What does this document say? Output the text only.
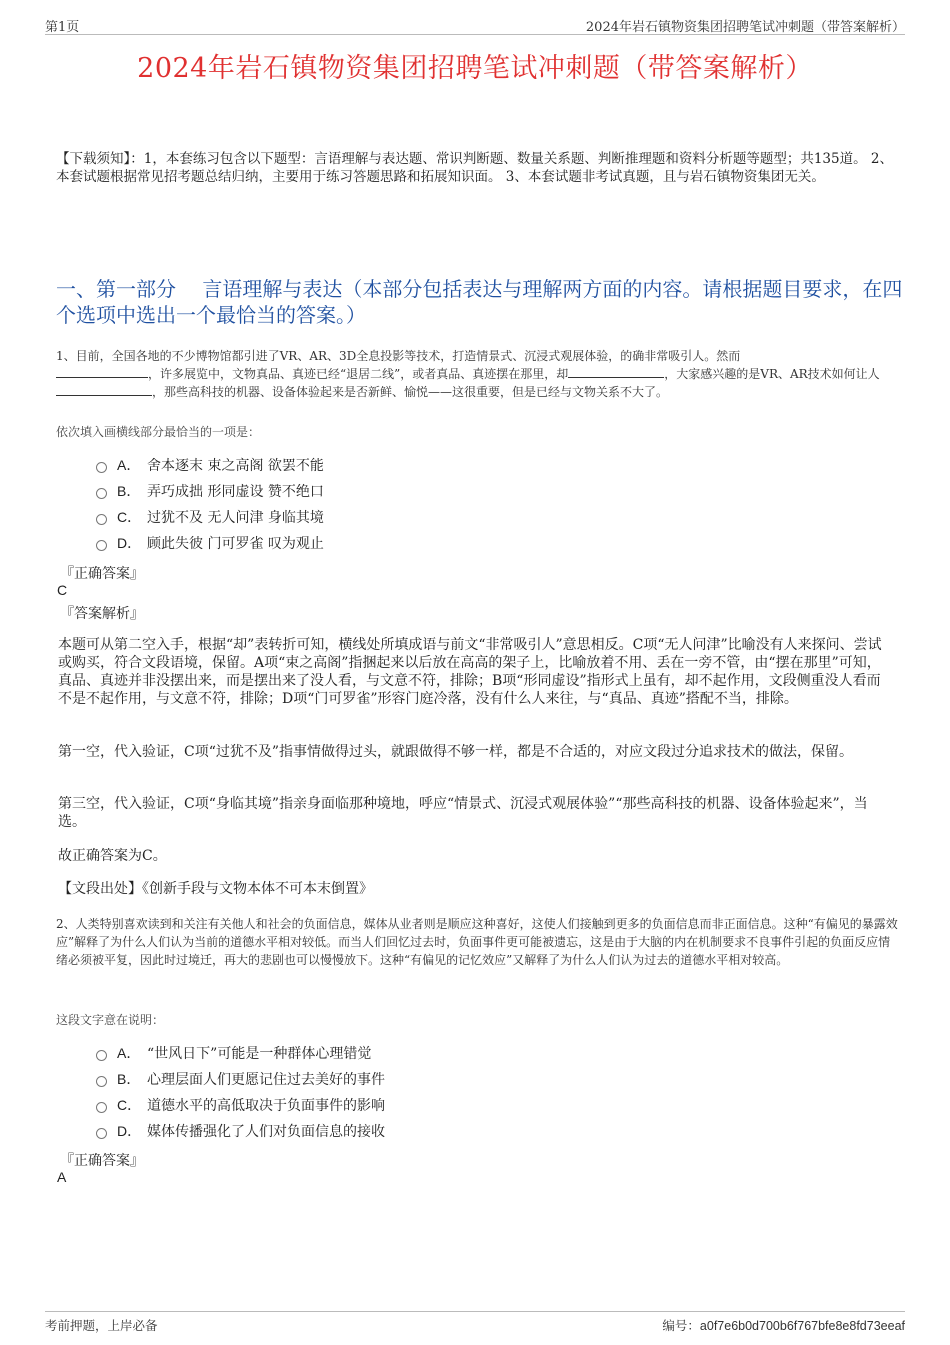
第1页	2024年岩石镇物资集团招聘笔试冲刺题（带答案解析）
2024年岩石镇物资集团招聘笔试冲刺题（带答案解析）
【下载须知】：1，本套练习包含以下题型：言语理解与表达题、常识判断题、数量关系题、判断推理题和资料分析题等题型；共135道。 2、本套试题根据常见招考题总结归纳，主要用于练习答题思路和拓展知识面。 3、本套试题非考试真题，且与岩石镇物资集团无关。
一、第一部分　 言语理解与表达（本部分包括表达与理解两方面的内容。请根据题目要求，在四个选项中选出一个最恰当的答案。）
1、目前，全国各地的不少博物馆都引进了VR、AR、3D全息投影等技术，打造情景式、沉浸式观展体验，的确非常吸引人。然而
，许多展览中，文物真品、真迹已经“退居二线”，或者真品、真迹摆在那里，却	，大家感兴趣的是VR、AR技术如何让人，那些高科技的机器、设备体验起来是否新鲜、愉悦——这很重要，但是已经与文物关系不大了。
依次填入画横线部分最恰当的一项是：
A． 舍本逐末 束之高阁 欲罢不能
B． 弄巧成拙 形同虚设 赞不绝口
C． 过犹不及 无人问津 身临其境
D． 顾此失彼 门可罗雀 叹为观止
『正确答案』
C
『答案解析』
本题可从第二空入手，根据“却”表转折可知，横线处所填成语与前文“非常吸引人”意思相反。C项“无人问津”比喻没有人来探问、尝试或购买，符合文段语境，保留。A项“束之高阁”指捆起来以后放在高高的架子上，比喻放着不用、丢在一旁不管，由“摆在那里”可知，真品、真迹并非没摆出来，而是摆出来了没人看，与文意不符，排除；B项“形同虚设”指形式上虽有，却不起作用，文段侧重没人看而不是不起作用，与文意不符，排除；D项“门可罗雀”形容门庭冷落，没有什么人来往，与“真品、真迹”搭配不当，排除。
第一空，代入验证，C项“过犹不及”指事情做得过头，就跟做得不够一样，都是不合适的，对应文段过分追求技术的做法，保留。
第三空，代入验证，C项“身临其境”指亲身面临那种境地，呼应“情景式、沉浸式观展体验”“那些高科技的机器、设备体验起来”，当选。
故正确答案为C。
【文段出处】《创新手段与文物本体不可本末倒置》
2、人类特别喜欢读到和关注有关他人和社会的负面信息，媒体从业者则是顺应这种喜好，这使人们接触到更多的负面信息而非正面信息。这种“有偏见的暴露效应”解释了为什么人们认为当前的道德水平相对较低。而当人们回忆过去时，负面事件更可能被遗忘，这是由于大脑的内在机制要求不良事件引起的负面反应情绪必须被平复，因此时过境迁，再大的悲剧也可以慢慢放下。这种“有偏见的记忆效应”又解释了为什么人们认为过去的道德水平相对较高。
这段文字意在说明：
A． “世风日下”可能是一种群体心理错觉
B． 心理层面人们更愿记住过去美好的事件
C． 道德水平的高低取决于负面事件的影响
D． 媒体传播强化了人们对负面信息的接收
『正确答案』
A
考前押题，上岸必备	编号：a0f7e6b0d700b6f767bfe8e8fd73eeaf
